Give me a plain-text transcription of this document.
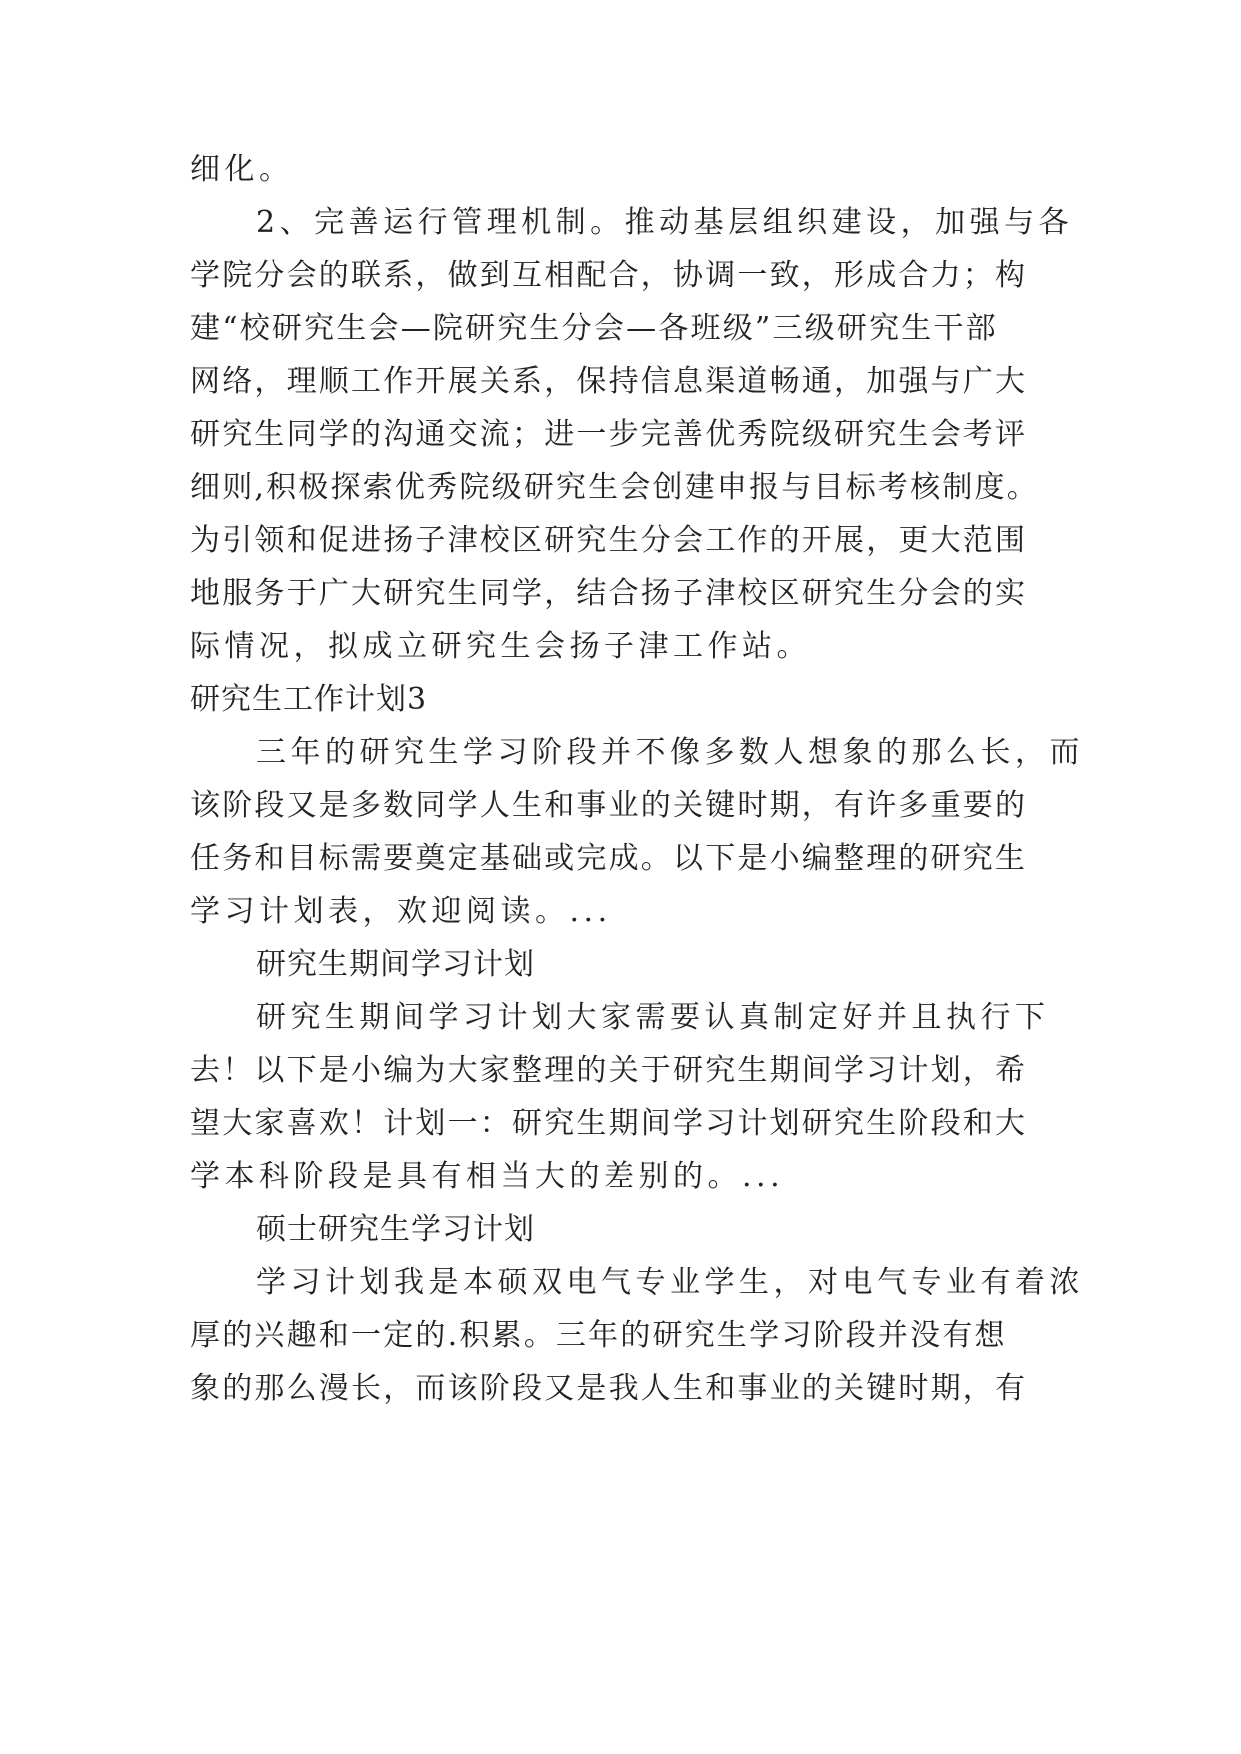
细化。
2、完善运行管理机制。推动基层组织建设，加强与各
学院分会的联系，做到互相配合，协调一致，形成合力；构
建“校研究生会—院研究生分会—各班级”三级研究生干部
网络，理顺工作开展关系，保持信息渠道畅通，加强与广大
研究生同学的沟通交流；进一步完善优秀院级研究生会考评
细则,积极探索优秀院级研究生会创建申报与目标考核制度。
为引领和促进扬子津校区研究生分会工作的开展，更大范围
地服务于广大研究生同学，结合扬子津校区研究生分会的实
际情况，拟成立研究生会扬子津工作站。
研究生工作计划3
三年的研究生学习阶段并不像多数人想象的那么长，而
该阶段又是多数同学人生和事业的关键时期，有许多重要的
任务和目标需要奠定基础或完成。以下是小编整理的研究生
学习计划表，欢迎阅读。...
研究生期间学习计划
研究生期间学习计划大家需要认真制定好并且执行下
去！以下是小编为大家整理的关于研究生期间学习计划，希
望大家喜欢！计划一：研究生期间学习计划研究生阶段和大
学本科阶段是具有相当大的差别的。...
硕士研究生学习计划
学习计划我是本硕双电气专业学生，对电气专业有着浓
厚的兴趣和一定的.积累。三年的研究生学习阶段并没有想
象的那么漫长，而该阶段又是我人生和事业的关键时期，有
